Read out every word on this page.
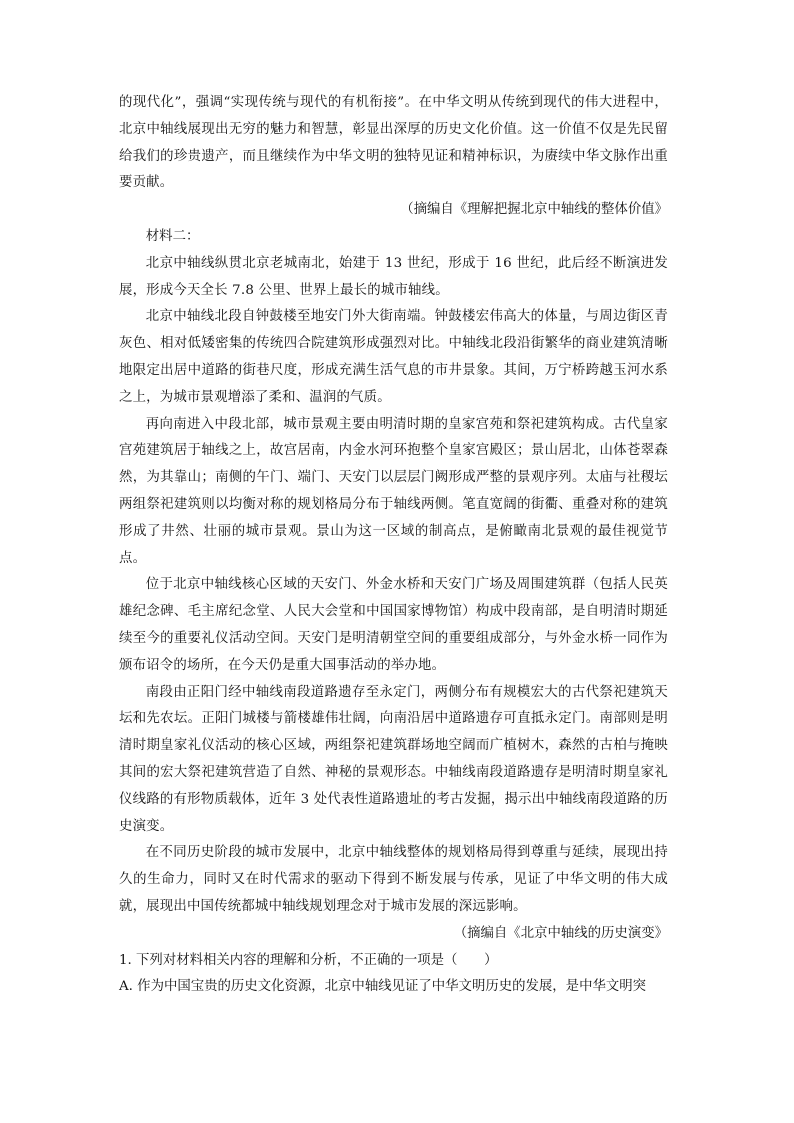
的现代化”，强调“实现传统与现代的有机衔接”。在中华文明从传统到现代的伟大进程中，北京中轴线展现出无穷的魅力和智慧，彰显出深厚的历史文化价值。这一价值不仅是先民留给我们的珍贵遗产，而且继续作为中华文明的独特见证和精神标识，为赓续中华文脉作出重要贡献。

（摘编自《理解把握北京中轴线的整体价值》

材料二：

北京中轴线纵贯北京老城南北，始建于 13 世纪，形成于 16 世纪，此后经不断演进发展，形成今天全长 7.8 公里、世界上最长的城市轴线。

北京中轴线北段自钟鼓楼至地安门外大街南端。钟鼓楼宏伟高大的体量，与周边街区青灰色、相对低矮密集的传统四合院建筑形成强烈对比。中轴线北段沿街繁华的商业建筑清晰地限定出居中道路的街巷尺度，形成充满生活气息的市井景象。其间，万宁桥跨越玉河水系之上，为城市景观增添了柔和、温润的气质。

再向南进入中段北部，城市景观主要由明清时期的皇家宫苑和祭祀建筑构成。古代皇家宫苑建筑居于轴线之上，故宫居南，内金水河环抱整个皇家宫殿区；景山居北，山体苍翠森然，为其靠山；南侧的午门、端门、天安门以层层门阙形成严整的景观序列。太庙与社稷坛两组祭祀建筑则以均衡对称的规划格局分布于轴线两侧。笔直宽阔的街衢、重叠对称的建筑形成了井然、壮丽的城市景观。景山为这一区域的制高点，是俯瞰南北景观的最佳视觉节点。

位于北京中轴线核心区域的天安门、外金水桥和天安门广场及周围建筑群（包括人民英雄纪念碑、毛主席纪念堂、人民大会堂和中国国家博物馆）构成中段南部，是自明清时期延续至今的重要礼仪活动空间。天安门是明清朝堂空间的重要组成部分，与外金水桥一同作为颁布诏令的场所，在今天仍是重大国事活动的举办地。

南段由正阳门经中轴线南段道路遗存至永定门，两侧分布有规模宏大的古代祭祀建筑天坛和先农坛。正阳门城楼与箭楼雄伟壮阔，向南沿居中道路遗存可直抵永定门。南部则是明清时期皇家礼仪活动的核心区域，两组祭祀建筑群场地空阔而广植树木，森然的古柏与掩映其间的宏大祭祀建筑营造了自然、神秘的景观形态。中轴线南段道路遗存是明清时期皇家礼仪线路的有形物质载体，近年 3 处代表性道路遗址的考古发掘，揭示出中轴线南段道路的历史演变。

在不同历史阶段的城市发展中，北京中轴线整体的规划格局得到尊重与延续，展现出持久的生命力，同时又在时代需求的驱动下得到不断发展与传承，见证了中华文明的伟大成就，展现出中国传统都城中轴线规划理念对于城市发展的深远影响。

（摘编自《北京中轴线的历史演变》

1. 下列对材料相关内容的理解和分析，不正确的一项是（　　）

A. 作为中国宝贵的历史文化资源，北京中轴线见证了中华文明历史的发展，是中华文明突
